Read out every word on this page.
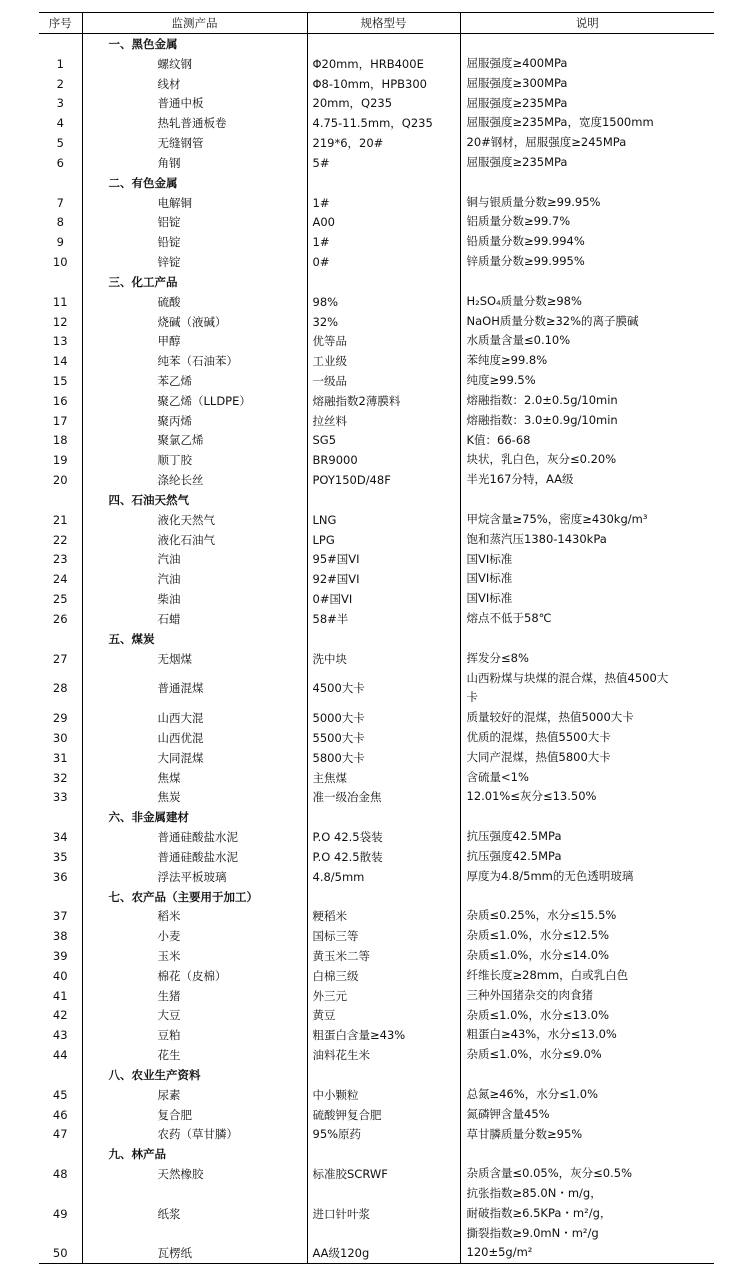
序号	监测产品	规格型号	说明
	一、黑色金属		
1	螺纹钢	Φ20mm，HRB400E	屈服强度≥400MPa

2	线材	Φ8-10mm，HPB300	屈服强度≥300MPa

3	普通中板	20mm，Q235	屈服强度≥235MPa

4	热轧普通板卷	4.75-11.5mm，Q235	屈服强度≥235MPa，宽度1500mm

5	无缝钢管	219*6，20#	20#钢材，屈服强度≥245MPa

6	角钢	5#	屈服强度≥235MPa

	二、有色金属		
7	电解铜	1#	铜与银质量分数≥99.95%

8	铝锭	A00	铝质量分数≥99.7%

9	铅锭	1#	铅质量分数≥99.994%

10	锌锭	0#	锌质量分数≥99.995%

	三、化工产品		
11	硫酸	98%	H₂SO₄质量分数≥98%

12	烧碱（液碱）	32%	NaOH质量分数≥32%的离子膜碱

13	甲醇	优等品	水质量含量≤0.10%

14	纯苯（石油苯）	工业级	苯纯度≥99.8%

15	苯乙烯	一级品	纯度≥99.5%

16	聚乙烯（LLDPE）	熔融指数2薄膜料	熔融指数：2.0±0.5g/10min

17	聚丙烯	拉丝料	熔融指数：3.0±0.9g/10min

18	聚氯乙烯	SG5	K值：66-68

19	顺丁胶	BR9000	块状，乳白色，灰分≤0.20%

20	涤纶长丝	POY150D/48F	半光167分特，AA级

	四、石油天然气		
21	液化天然气	LNG	甲烷含量≥75%，密度≥430kg/m³

22	液化石油气	LPG	饱和蒸汽压1380-1430kPa

23	汽油	95#国VI	国VI标准

24	汽油	92#国VI	国VI标准

25	柴油	0#国VI	国VI标准

26	石蜡	58#半	熔点不低于58℃

	五、煤炭		
27	无烟煤	洗中块	挥发分≤8%

28	普通混煤	4500大卡	山西粉煤与块煤的混合煤，热值4500大
卡

29	山西大混	5000大卡	质量较好的混煤，热值5000大卡

30	山西优混	5500大卡	优质的混煤，热值5500大卡

31	大同混煤	5800大卡	大同产混煤，热值5800大卡

32	焦煤	主焦煤	含硫量<1%

33	焦炭	准一级冶金焦	12.01%≤灰分≤13.50%

	六、非金属建材		
34	普通硅酸盐水泥	P.O 42.5袋装	抗压强度42.5MPa

35	普通硅酸盐水泥	P.O 42.5散装	抗压强度42.5MPa

36	浮法平板玻璃	4.8/5mm	厚度为4.8/5mm的无色透明玻璃

	七、农产品（主要用于加工）		
37	稻米	粳稻米	杂质≤0.25%，水分≤15.5%

38	小麦	国标三等	杂质≤1.0%，水分≤12.5%

39	玉米	黄玉米二等	杂质≤1.0%，水分≤14.0%

40	棉花（皮棉）	白棉三级	纤维长度≥28mm，白或乳白色

41	生猪	外三元	三种外国猪杂交的肉食猪

42	大豆	黄豆	杂质≤1.0%，水分≤13.0%

43	豆粕	粗蛋白含量≥43%	粗蛋白≥43%，水分≤13.0%

44	花生	油料花生米	杂质≤1.0%，水分≤9.0%

	八、农业生产资料		
45	尿素	中小颗粒	总氮≥46%，水分≤1.0%

46	复合肥	硫酸钾复合肥	氮磷钾含量45%

47	农药（草甘膦）	95%原药	草甘膦质量分数≥95%

	九、林产品		
48	天然橡胶	标准胶SCRWF	杂质含量≤0.05%，灰分≤0.5%

49	纸浆	进口针叶浆	抗张指数≥85.0N・m/g，
耐破指数≥6.5KPa・m²/g，
撕裂指数≥9.0mN・m²/g

50	瓦楞纸	AA级120g	120±5g/m²
